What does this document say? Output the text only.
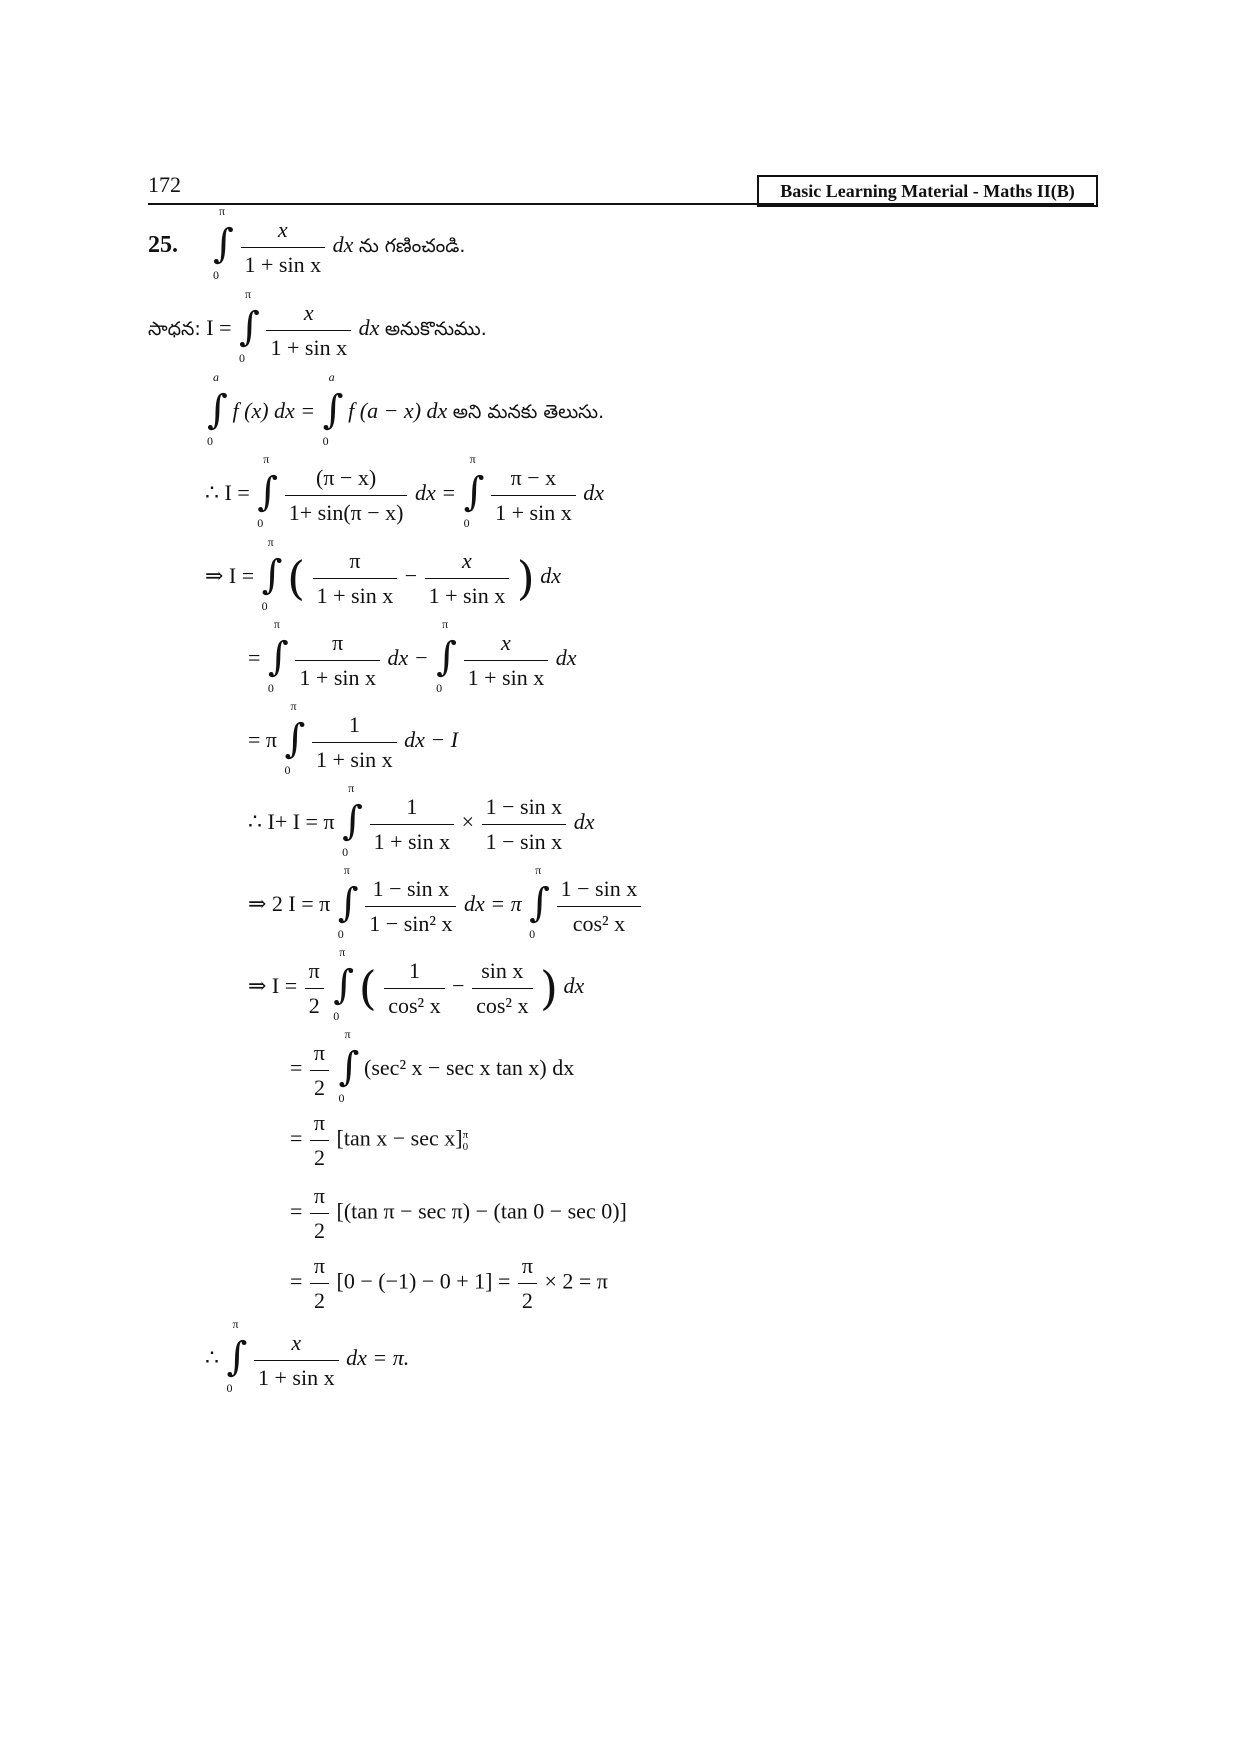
172	Basic Learning Material - Maths II(B)
25.
π
∫
0
$\frac{x}{\text{1 + sin x}}$ dx ను గణించండి.
సాధన: I =
π
∫
0
$\frac{x}{\text{1 + sin x}}$ dx అనుకొనుము.
a
∫
0
f (x) dx =
a
∫
0
f (a − x) dx అని మనకు తెలుసు.
∴ I =
π
∫
0
$\frac{(\pi - x)}{1+ \sin(\pi - x)}$ dx =
π
∫
0
$\frac{\pi - x}{\text{1 + sin x}}$ dx
⇒ I =
π
∫
0
( $\frac{\pi}{\text{1 + sin x}} - \frac{x}{\text{1 + sin x}}$ ) dx
=
π
∫
0
$\frac{\pi}{\text{1 + sin x}}$ dx −
π
∫
0
$\frac{x}{\text{1 + sin x}}$ dx
= π
π
∫
0
$\frac{1}{\text{1 + sin x}}$ dx − I
∴ I+ I = π
π
∫
0
$\frac{1}{\text{1 + sin x}} \times \frac{\text{1 − sin x}}{\text{1 − sin x}}$ dx
⇒ 2 I = π
π
∫
0
$\frac{\text{1 − sin x}}{\text{1 − sin² x}}$ dx = π
π
∫
0
$\frac{\text{1 − sin x}}{\text{cos² x}}$
⇒ $I = \frac{\pi}{2}$

π
∫
0
( $\frac{1}{\text{cos² x}} - \frac{\text{sin x}}{\text{cos² x}}$ ) dx
= $\frac{\pi}{2}$

π
∫
0
(sec² x − sec x tan x) dx
= $\frac{\pi}{2} [\tan$ x − sec x] π
0
= $\frac{\pi}{2} [(\tan$ π − sec π) − (tan 0 − sec 0)]
= $\frac{\pi}{2} [0 - (-1) - 0 + 1] = \frac{\pi}{2} \times 2 = \pi$
∴
π
∫
0
$\frac{x}{\text{1 + sin x}}$ dx = π.
